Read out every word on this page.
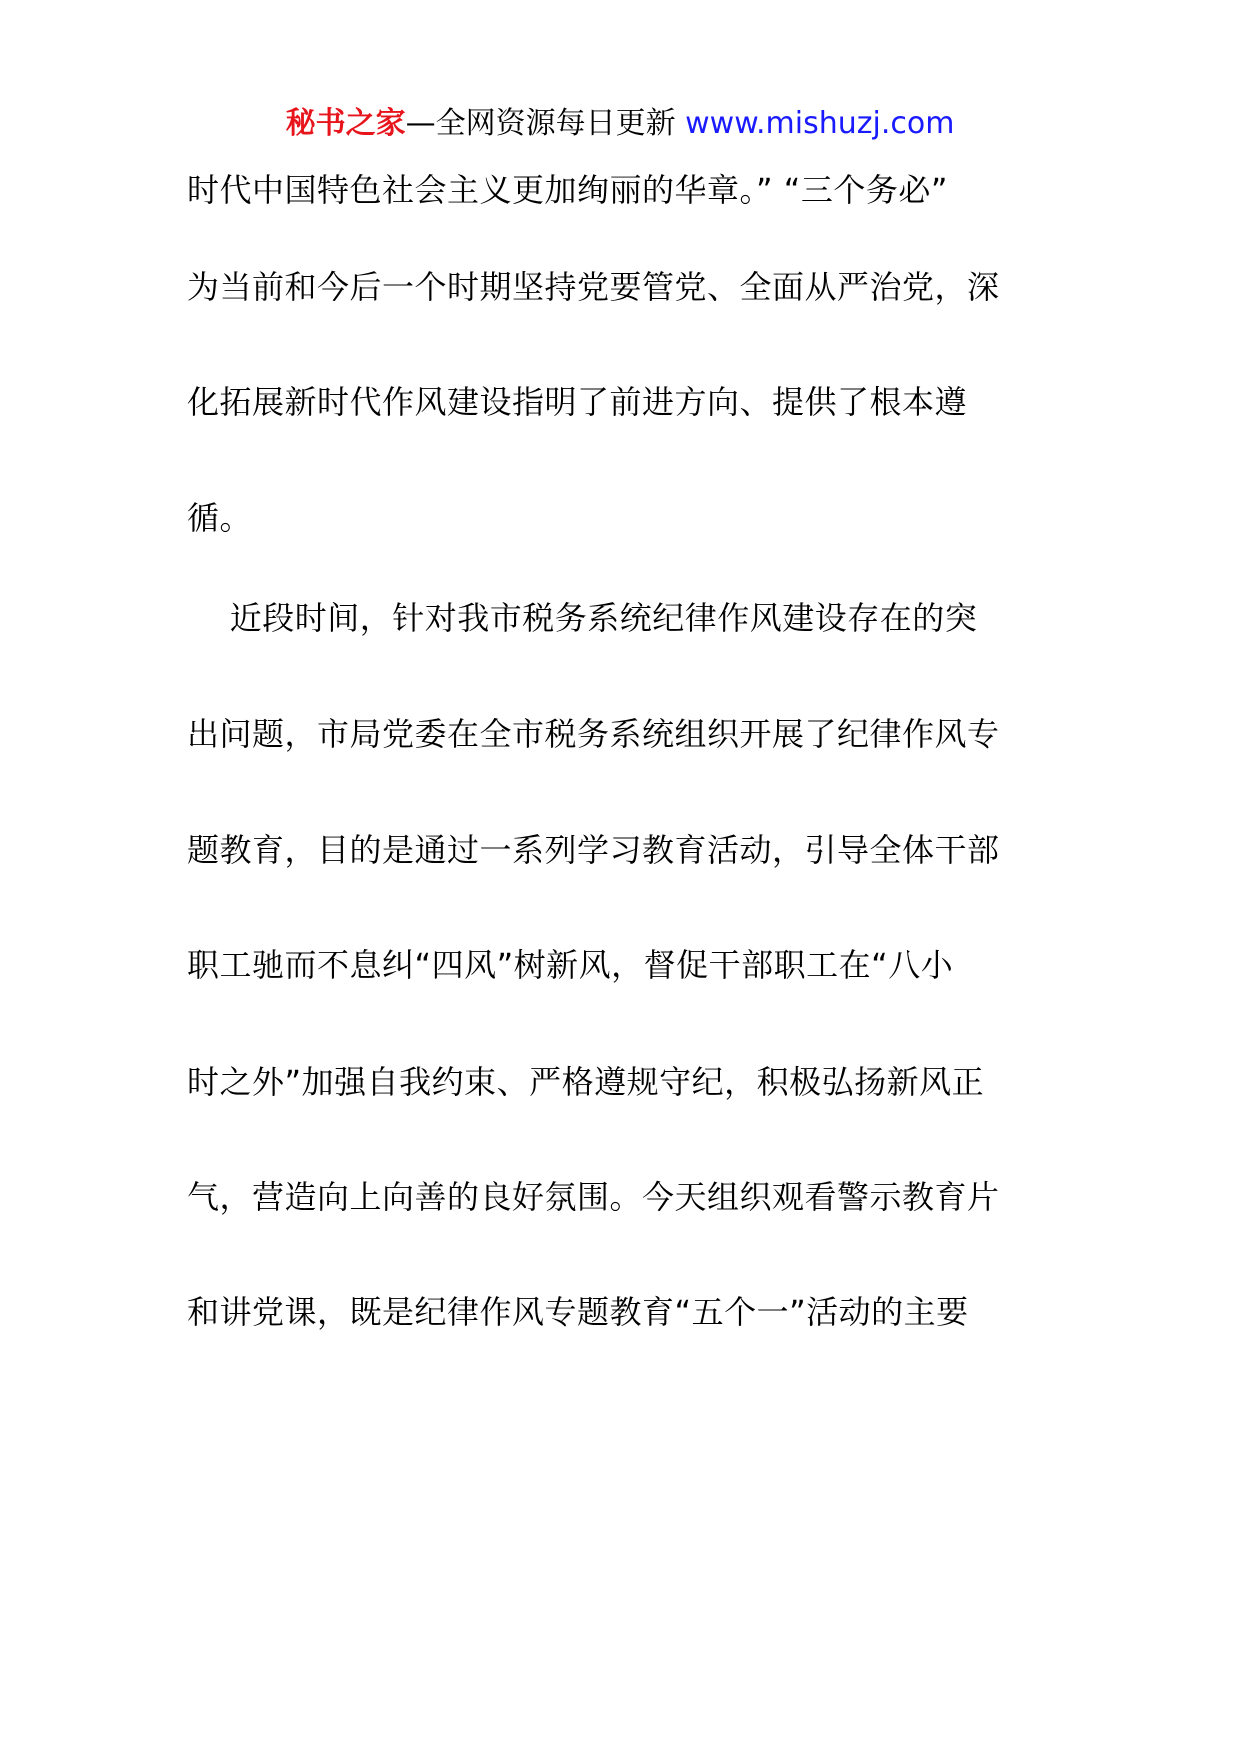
秘书之家—全网资源每日更新 www.mishuzj.com
时代中国特色社会主义更加绚丽的华章。” “三个务必”
为当前和今后一个时期坚持党要管党、全面从严治党，深
化拓展新时代作风建设指明了前进方向、提供了根本遵
循。
近段时间，针对我市税务系统纪律作风建设存在的突
出问题，市局党委在全市税务系统组织开展了纪律作风专
题教育，目的是通过一系列学习教育活动，引导全体干部
职工驰而不息纠“四风”树新风，督促干部职工在“八小
时之外”加强自我约束、严格遵规守纪，积极弘扬新风正
气，营造向上向善的良好氛围。今天组织观看警示教育片
和讲党课，既是纪律作风专题教育“五个一”活动的主要
